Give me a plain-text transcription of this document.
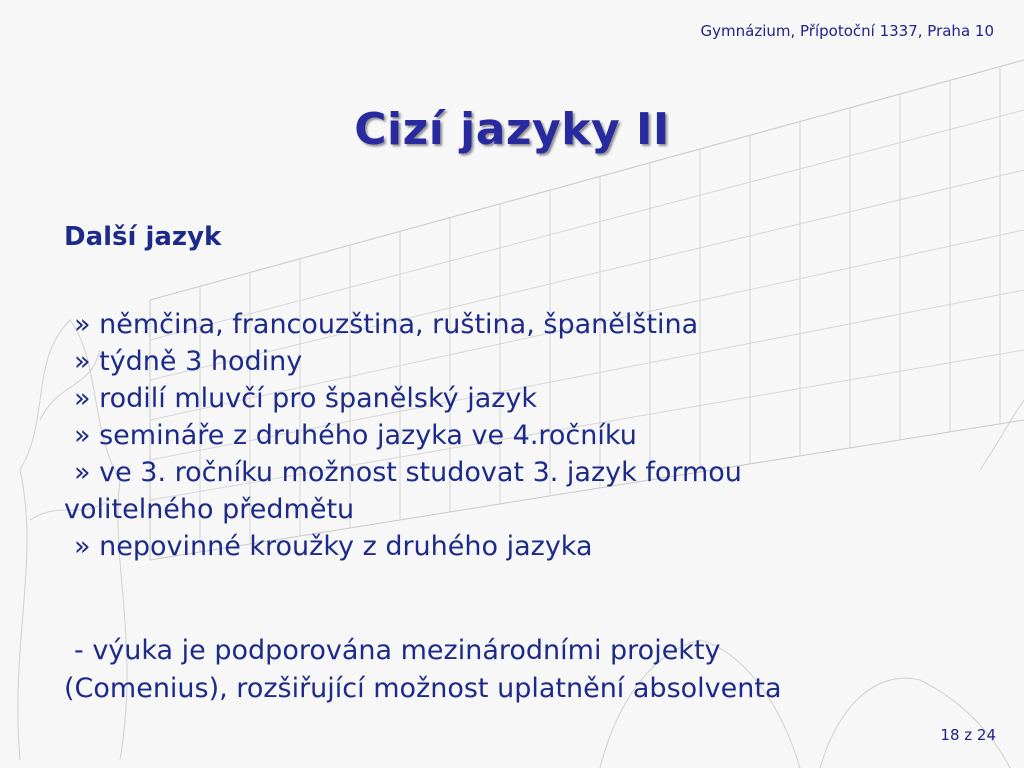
Gymnázium, Přípotoční 1337, Praha 10
Cizí jazyky II
Další jazyk
» němčina, francouzština, ruština, španělština
» týdně 3 hodiny
» rodilí mluvčí pro španělský jazyk
» semináře z druhého jazyka ve 4.ročníku
» ve 3. ročníku možnost studovat 3. jazyk formou
volitelného předmětu
» nepovinné kroužky z druhého jazyka
- výuka je podporována mezinárodními projekty
(Comenius), rozšiřující možnost uplatnění absolventa
18 z 24
